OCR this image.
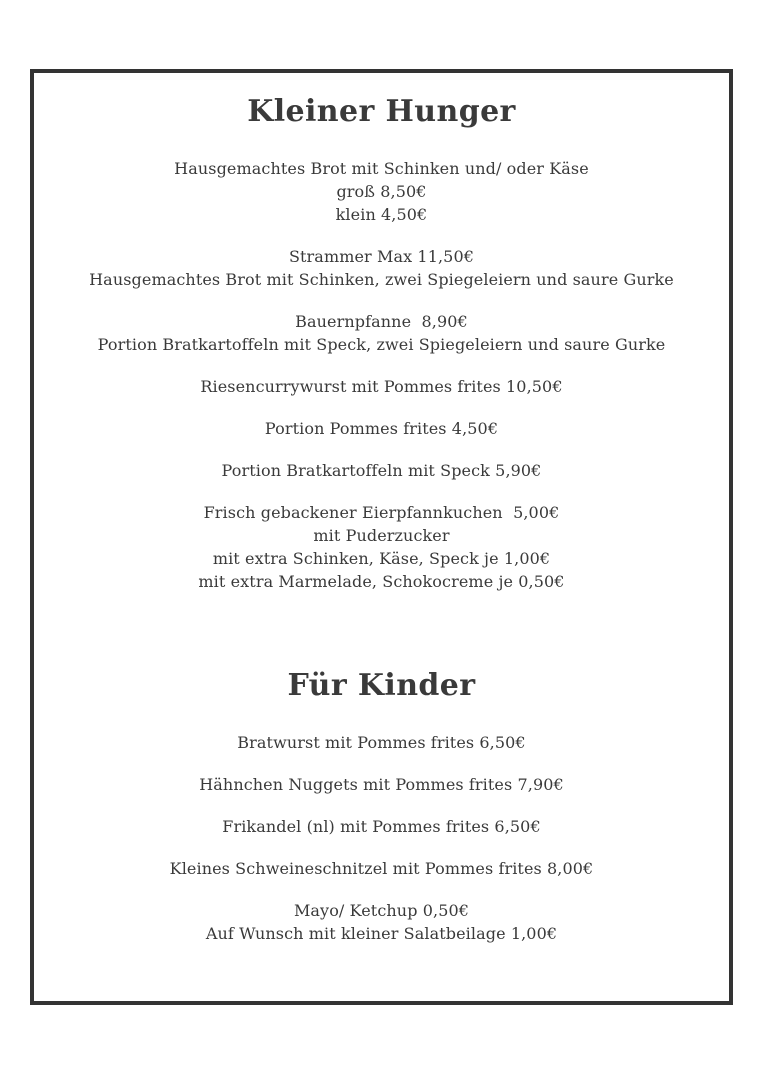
Kleiner Hunger

Hausgemachtes Brot mit Schinken und/ oder Käse

groß 8,50€

klein 4,50€

Strammer Max 11,50€

Hausgemachtes Brot mit Schinken, zwei Spiegeleiern und saure Gurke

Bauernpfanne  8,90€

Portion Bratkartoffeln mit Speck, zwei Spiegeleiern und saure Gurke

Riesencurrywurst mit Pommes frites 10,50€

Portion Pommes frites 4,50€

Portion Bratkartoffeln mit Speck 5,90€

Frisch gebackener Eierpfannkuchen  5,00€

mit Puderzucker

mit extra Schinken, Käse, Speck je 1,00€

mit extra Marmelade, Schokocreme je 0,50€

Für Kinder

Bratwurst mit Pommes frites 6,50€

Hähnchen Nuggets mit Pommes frites 7,90€

Frikandel (nl) mit Pommes frites 6,50€

Kleines Schweineschnitzel mit Pommes frites 8,00€

Mayo/ Ketchup 0,50€

Auf Wunsch mit kleiner Salatbeilage 1,00€
